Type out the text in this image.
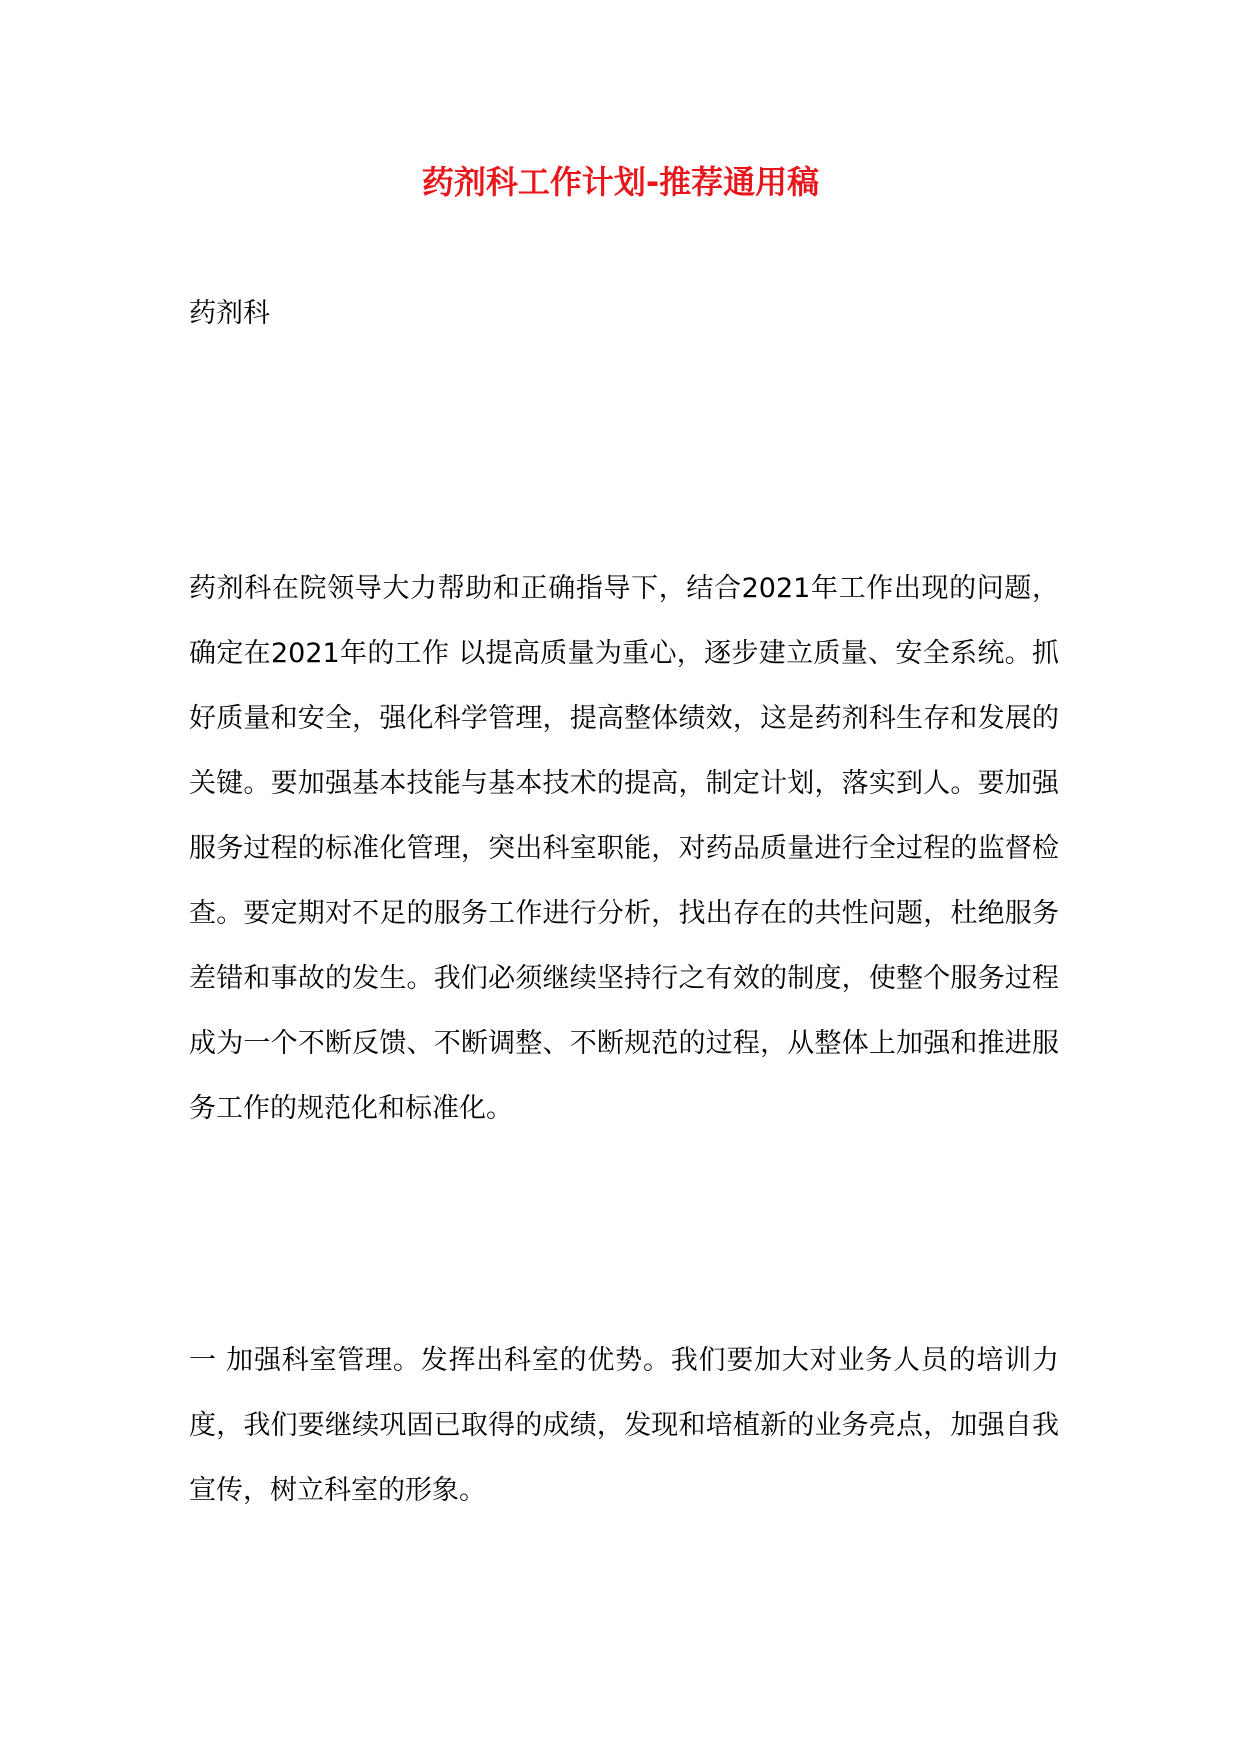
药剂科工作计划-推荐通用稿

药剂科

药剂科在院领导大力帮助和正确指导下，结合2021年工作出现的问题，确定在2021年的工作 以提高质量为重心，逐步建立质量、安全系统。抓好质量和安全，强化科学管理，提高整体绩效，这是药剂科生存和发展的关键。要加强基本技能与基本技术的提高，制定计划，落实到人。要加强服务过程的标准化管理，突出科室职能，对药品质量进行全过程的监督检查。要定期对不足的服务工作进行分析，找出存在的共性问题，杜绝服务差错和事故的发生。我们必须继续坚持行之有效的制度，使整个服务过程成为一个不断反馈、不断调整、不断规范的过程，从整体上加强和推进服务工作的规范化和标准化。

一 加强科室管理。发挥出科室的优势。我们要加大对业务人员的培训力度，我们要继续巩固已取得的成绩，发现和培植新的业务亮点，加强自我宣传，树立科室的形象。
